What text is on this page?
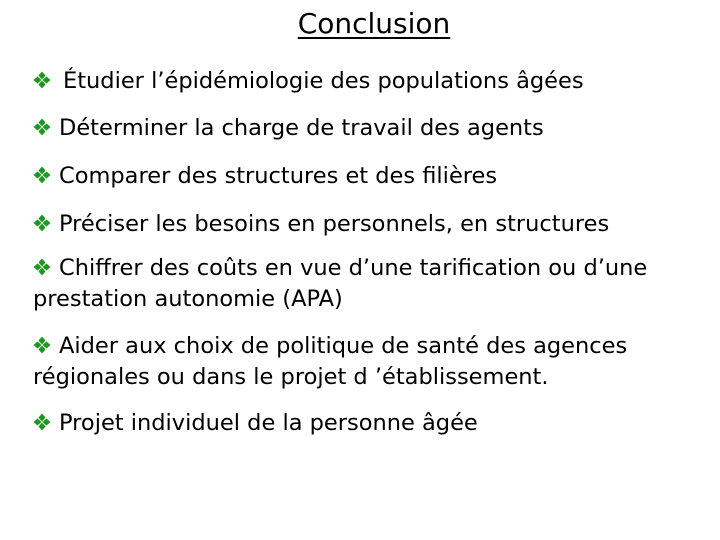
Conclusion
Étudier l’épidémiologie des populations âgées
Déterminer la charge de travail des agents
Comparer des structures et des filières
Préciser les besoins en personnels, en structures
Chiffrer des coûts en vue d’une tarification ou d’une prestation autonomie (APA)
Aider aux choix de politique de santé des agences régionales ou dans le projet d ’établissement.
Projet individuel de la personne âgée
